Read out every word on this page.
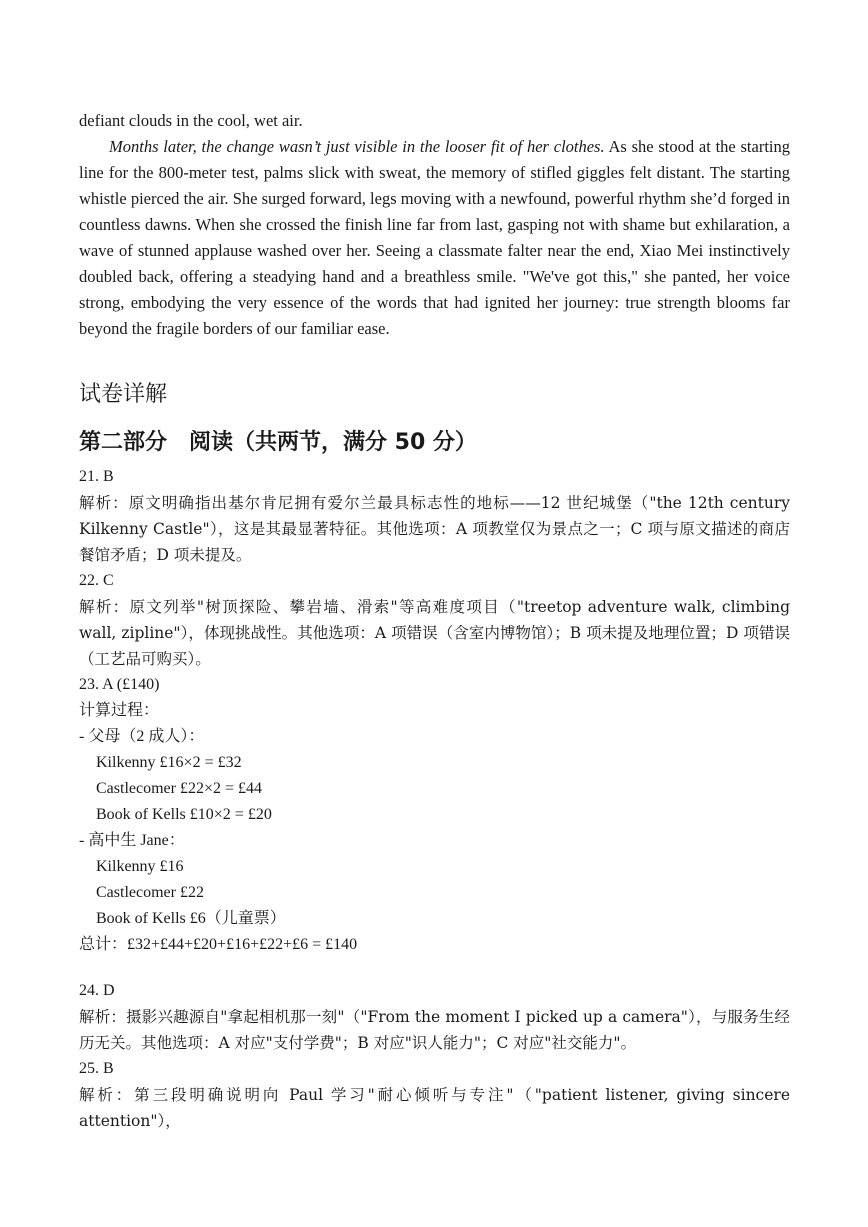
defiant clouds in the cool, wet air.

Months later, the change wasn’t just visible in the looser fit of her clothes. As she stood at the starting line for the 800-meter test, palms slick with sweat, the memory of stifled giggles felt distant. The starting whistle pierced the air. She surged forward, legs moving with a newfound, powerful rhythm she’d forged in countless dawns. When she crossed the finish line far from last, gasping not with shame but exhilaration, a wave of stunned applause washed over her. Seeing a classmate falter near the end, Xiao Mei instinctively doubled back, offering a steadying hand and a breathless smile. "We've got this," she panted, her voice strong, embodying the very essence of the words that had ignited her journey: true strength blooms far beyond the fragile borders of our familiar ease.

试卷详解
第二部分　阅读（共两节，满分 50 分）

21. B

解析：原文明确指出基尔肯尼拥有爱尔兰最具标志性的地标——12 世纪城堡（"the 12th century Kilkenny Castle"），这是其最显著特征。其他选项：A 项教堂仅为景点之一；C 项与原文描述的商店餐馆矛盾；D 项未提及。

22. C

解析：原文列举"树顶探险、攀岩墙、滑索"等高难度项目（"treetop adventure walk, climbing wall, zipline"），体现挑战性。其他选项：A 项错误（含室内博物馆）；B 项未提及地理位置；D 项错误（工艺品可购买）。

23. A (£140)

计算过程：

- 父母（2 成人）：

Kilkenny £16×2 = £32

Castlecomer £22×2 = £44

Book of Kells £10×2 = £20

- 高中生 Jane：

Kilkenny £16

Castlecomer £22

Book of Kells £6（儿童票）

总计：£32+£44+£20+£16+£22+£6 = £140

24. D

解析：摄影兴趣源自"拿起相机那一刻"（"From the moment I picked up a camera"），与服务生经历无关。其他选项：A 对应"支付学费"；B 对应"识人能力"；C 对应"社交能力"。

25. B

解析：第三段明确说明向 Paul 学习"耐心倾听与专注"（"patient listener, giving sincere attention"），
